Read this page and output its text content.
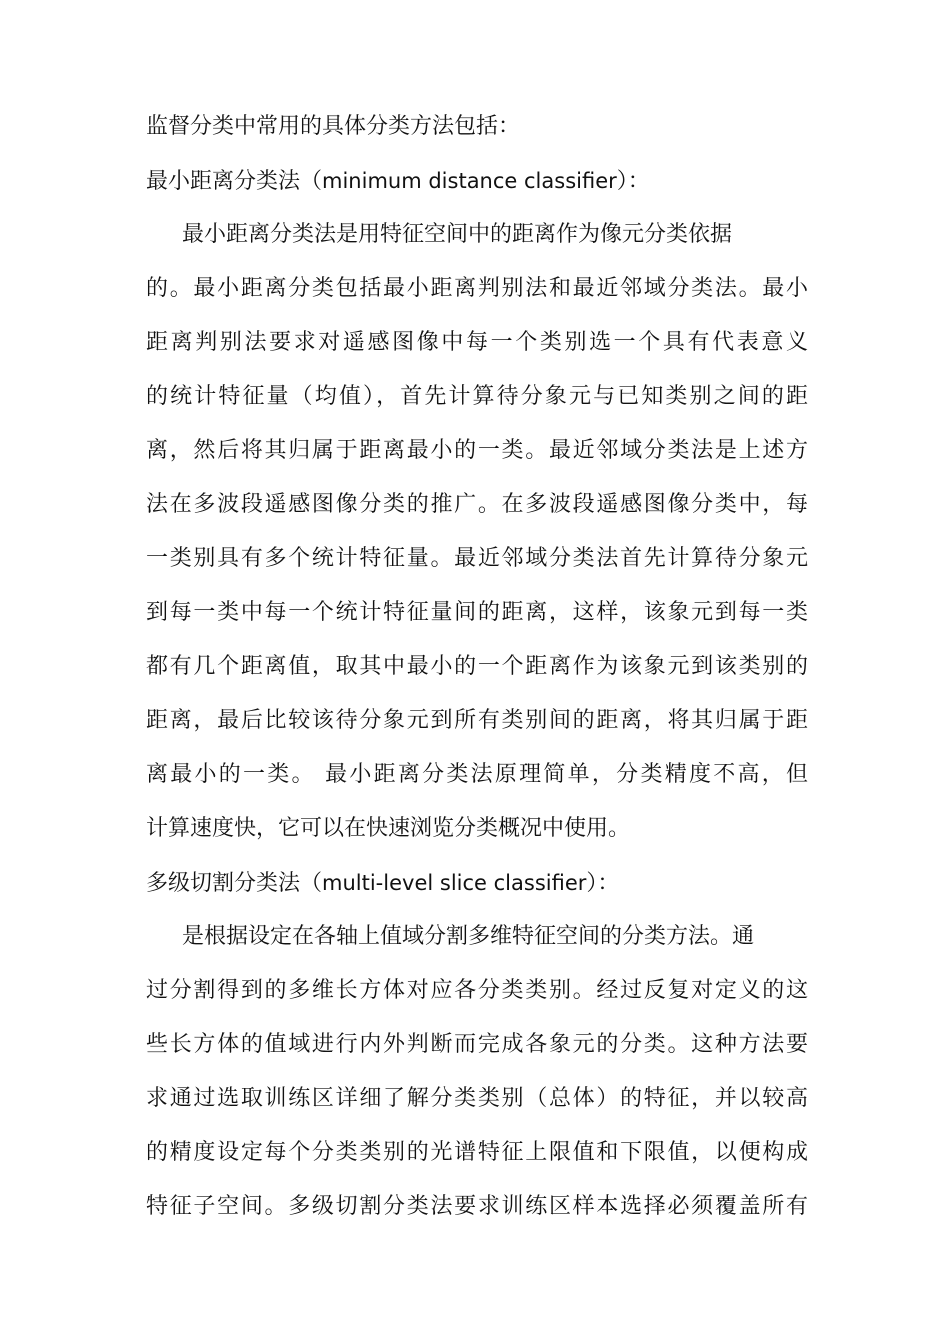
监督分类中常用的具体分类方法包括：

最小距离分类法（minimum distance classifier）：

最小距离分类法是用特征空间中的距离作为像元分类依据

的。最小距离分类包括最小距离判别法和最近邻域分类法。最小

距离判别法要求对遥感图像中每一个类别选一个具有代表意义

的统计特征量（均值），首先计算待分象元与已知类别之间的距

离，然后将其归属于距离最小的一类。最近邻域分类法是上述方

法在多波段遥感图像分类的推广。在多波段遥感图像分类中，每

一类别具有多个统计特征量。最近邻域分类法首先计算待分象元

到每一类中每一个统计特征量间的距离，这样，该象元到每一类

都有几个距离值，取其中最小的一个距离作为该象元到该类别的

距离，最后比较该待分象元到所有类别间的距离，将其归属于距

离最小的一类。 最小距离分类法原理简单，分类精度不高，但

计算速度快，它可以在快速浏览分类概况中使用。

多级切割分类法（multi-level slice classifier）：

是根据设定在各轴上值域分割多维特征空间的分类方法。通

过分割得到的多维长方体对应各分类类别。经过反复对定义的这

些长方体的值域进行内外判断而完成各象元的分类。这种方法要

求通过选取训练区详细了解分类类别（总体）的特征，并以较高

的精度设定每个分类类别的光谱特征上限值和下限值，以便构成

特征子空间。多级切割分类法要求训练区样本选择必须覆盖所有
